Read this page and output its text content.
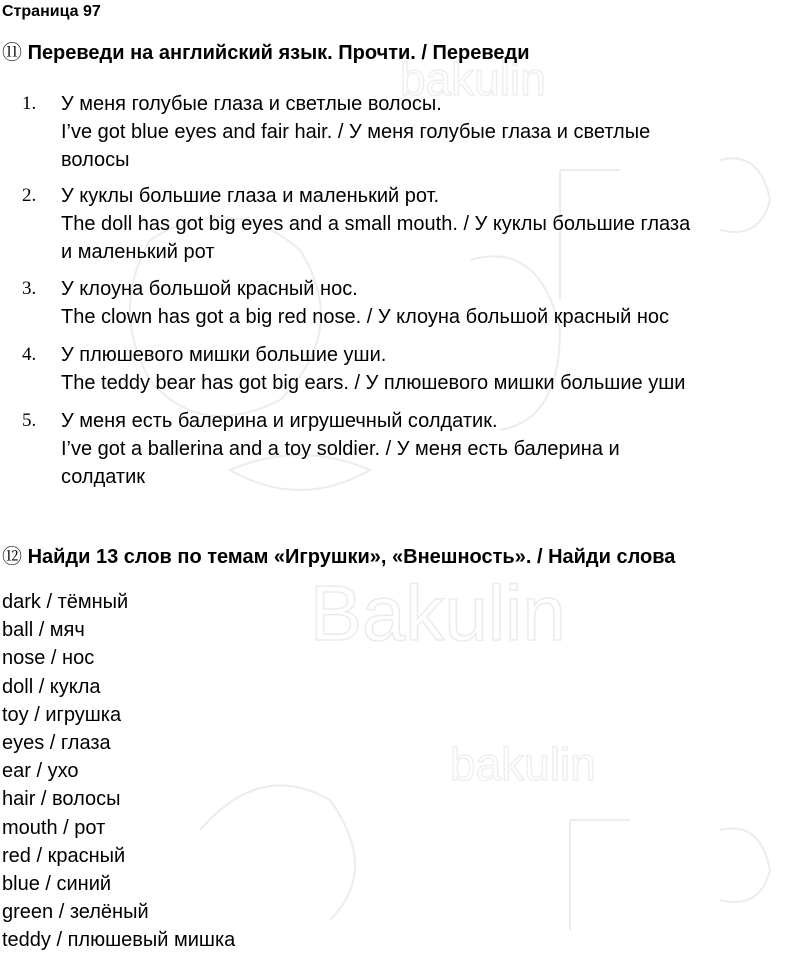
Bakulin
bakulin
bakulin
Страница 97
⑪ Переведи на английский язык. Прочти. / Переведи
1. У меня голубые глаза и светлые волосы.
I’ve got blue eyes and fair hair. / У меня голубые глаза и светлые
волосы
2. У куклы большие глаза и маленький рот.
The doll has got big eyes and a small mouth. / У куклы большие глаза
и маленький рот
3. У клоуна большой красный нос.
The clown has got a big red nose. / У клоуна большой красный нос
4. У плюшевого мишки большие уши.
The teddy bear has got big ears. / У плюшевого мишки большие уши
5. У меня есть балерина и игрушечный солдатик.
I’ve got a ballerina and a toy soldier. / У меня есть балерина и
солдатик
⑫ Найди 13 слов по темам «Игрушки», «Внешность». / Найди слова
dark / тёмный
ball / мяч
nose / нос
doll / кукла
toy / игрушка
eyes / глаза
ear / ухо
hair / волосы
mouth / рот
red / красный
blue / синий
green / зелёный
teddy / плюшевый мишка
